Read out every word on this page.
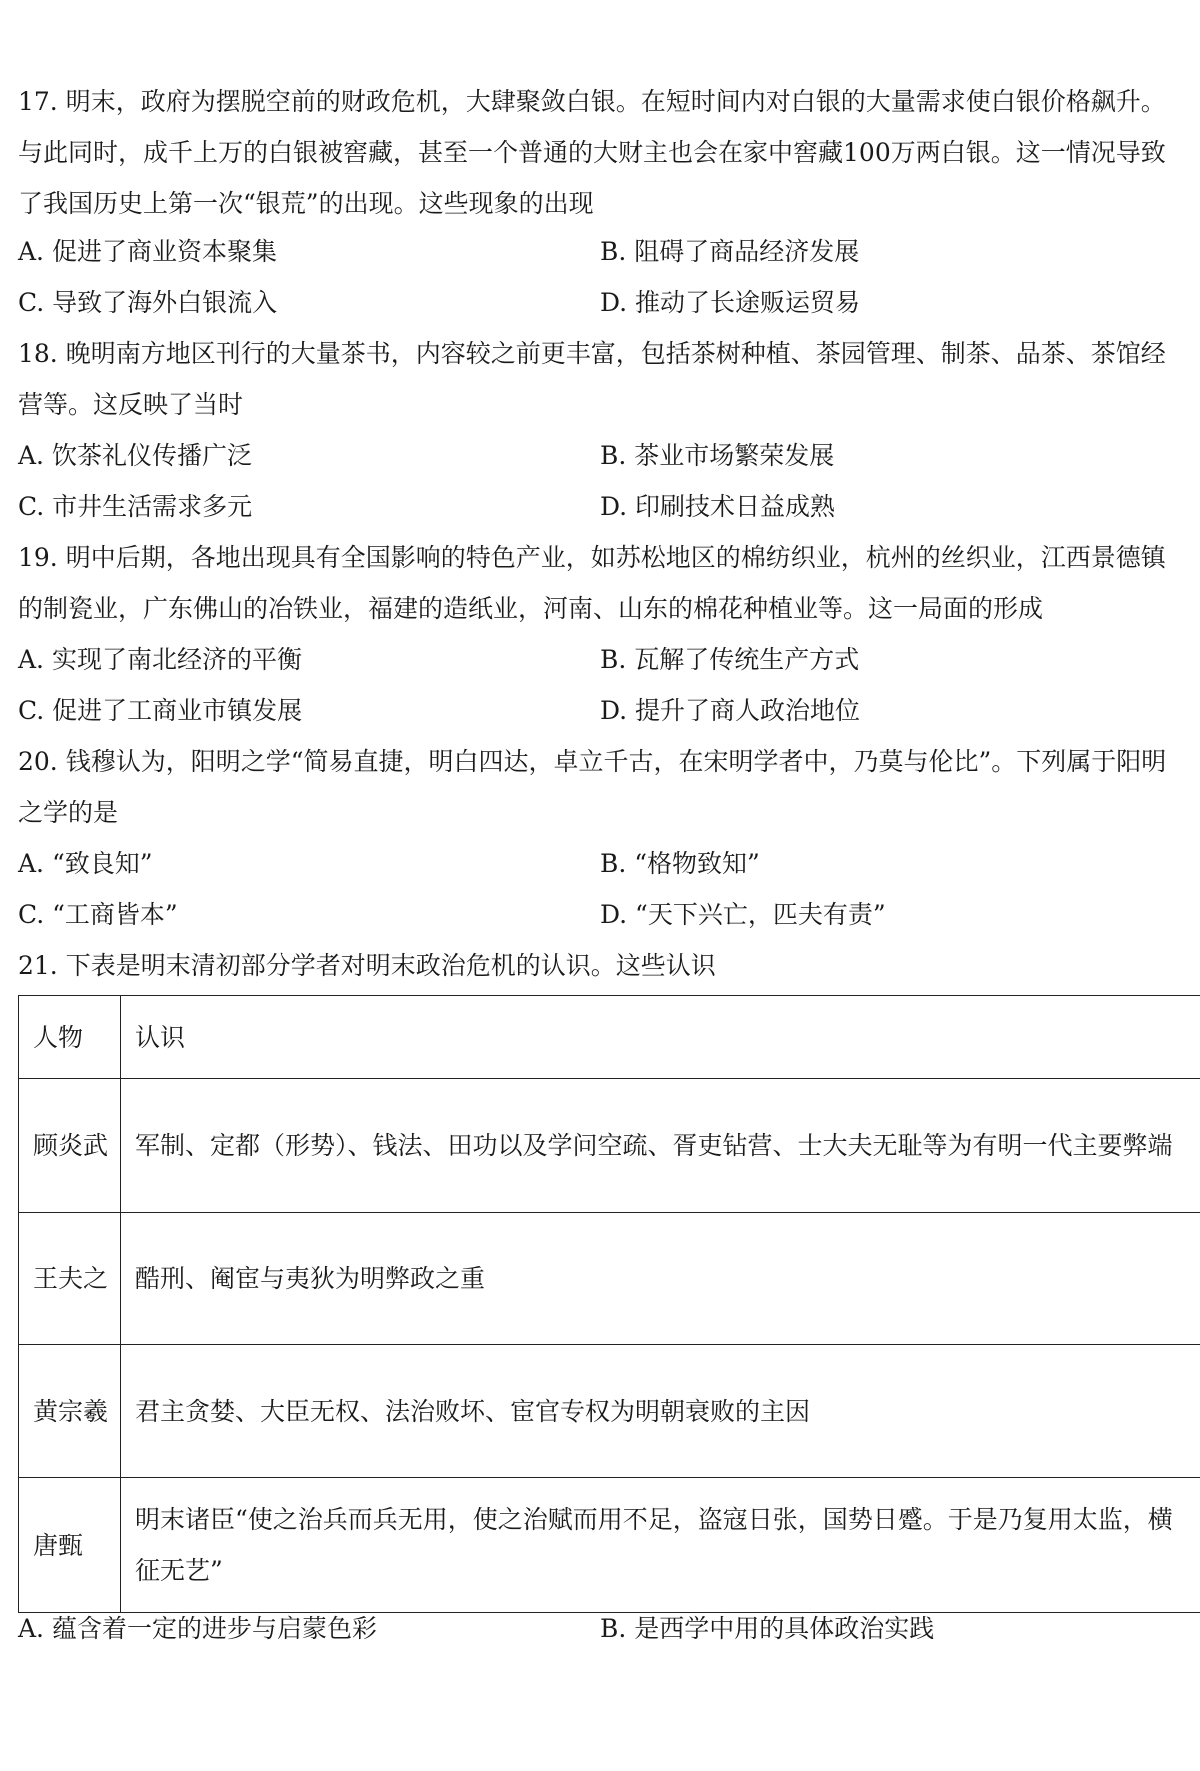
17. 明末，政府为摆脱空前的财政危机，大肆聚敛白银。在短时间内对白银的大量需求使白银价格飙升。与此同时，成千上万的白银被窖藏，甚至一个普通的大财主也会在家中窖藏100万两白银。这一情况导致了我国历史上第一次“银荒”的出现。这些现象的出现

A. 促进了商业资本聚集	B. 阻碍了商品经济发展
C. 导致了海外白银流入	D. 推动了长途贩运贸易

18. 晚明南方地区刊行的大量茶书，内容较之前更丰富，包括茶树种植、茶园管理、制茶、品茶、茶馆经营等。这反映了当时

A. 饮茶礼仪传播广泛	B. 茶业市场繁荣发展
C. 市井生活需求多元	D. 印刷技术日益成熟

19. 明中后期，各地出现具有全国影响的特色产业，如苏松地区的棉纺织业，杭州的丝织业，江西景德镇的制瓷业，广东佛山的冶铁业，福建的造纸业，河南、山东的棉花种植业等。这一局面的形成

A. 实现了南北经济的平衡	B. 瓦解了传统生产方式
C. 促进了工商业市镇发展	D. 提升了商人政治地位

20. 钱穆认为，阳明之学“简易直捷，明白四达，卓立千古，在宋明学者中，乃莫与伦比”。下列属于阳明之学的是

A. “致良知”	B. “格物致知”
C. “工商皆本”	D. “天下兴亡，匹夫有责”

21. 下表是明末清初部分学者对明末政治危机的认识。这些认识

人物	认识
顾炎武	军制、定都（形势）、钱法、田功以及学问空疏、胥吏钻营、士大夫无耻等为有明一代主要弊端
王夫之	酷刑、阉宦与夷狄为明弊政之重
黄宗羲	君主贪婪、大臣无权、法治败坏、宦官专权为明朝衰败的主因
唐甄	明末诸臣“使之治兵而兵无用，使之治赋而用不足，盗寇日张，国势日蹙。于是乃复用太监，横征无艺”
A. 蕴含着一定的进步与启蒙色彩	B. 是西学中用的具体政治实践
